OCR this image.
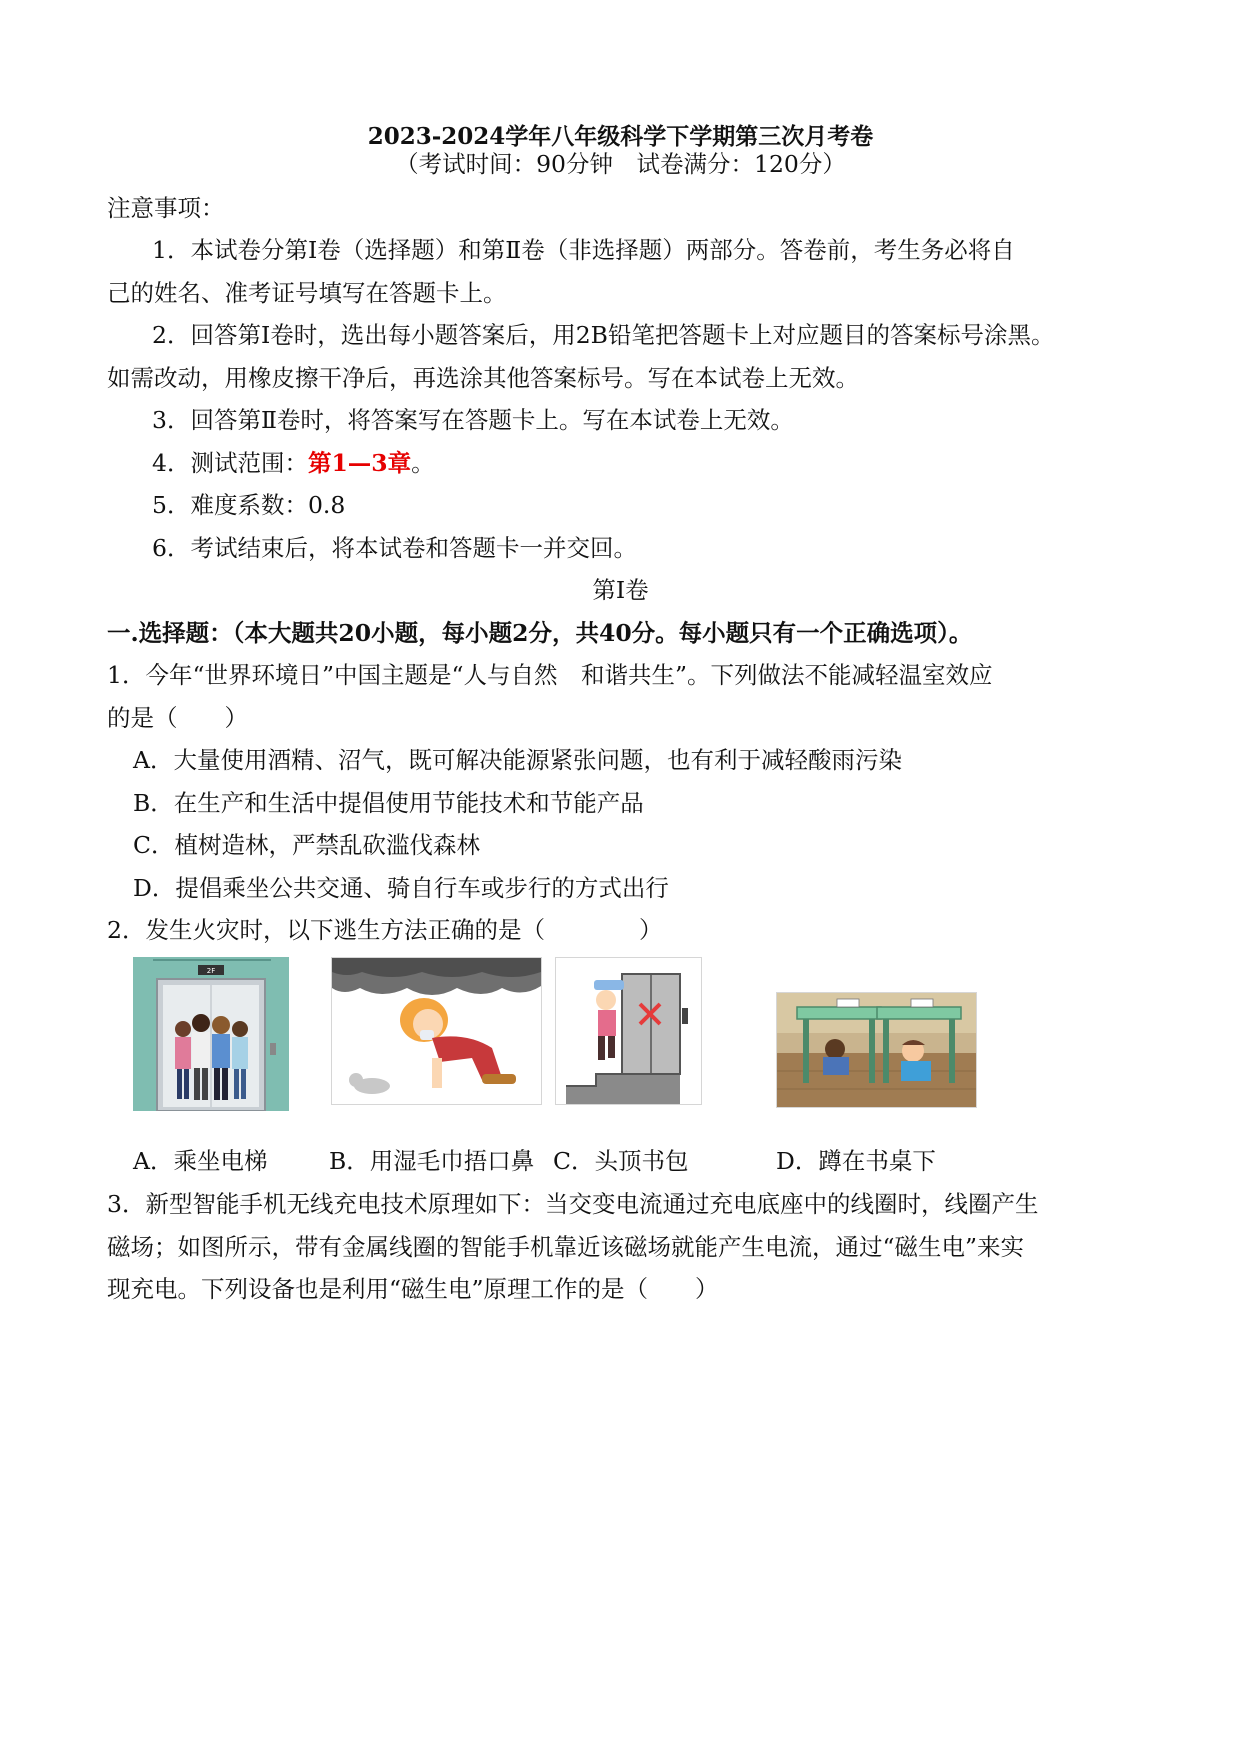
2023-2024学年八年级科学下学期第三次月考卷
（考试时间：90分钟　试卷满分：120分）
注意事项：
1．本试卷分第Ⅰ卷（选择题）和第Ⅱ卷（非选择题）两部分。答卷前，考生务必将自
己的姓名、准考证号填写在答题卡上。
2．回答第Ⅰ卷时，选出每小题答案后，用2B铅笔把答题卡上对应题目的答案标号涂黑。
如需改动，用橡皮擦干净后，再选涂其他答案标号。写在本试卷上无效。
3．回答第Ⅱ卷时，将答案写在答题卡上。写在本试卷上无效。
4．测试范围：第1—3章。
5．难度系数：0.8
6．考试结束后，将本试卷和答题卡一并交回。
第Ⅰ卷
一.选择题：（本大题共20小题，每小题2分，共40分。每小题只有一个正确选项）。
1．今年“世界环境日”中国主题是“人与自然　和谐共生”。下列做法不能减轻温室效应
的是（　　）
A．大量使用酒精、沼气，既可解决能源紧张问题，也有利于减轻酸雨污染
B．在生产和生活中提倡使用节能技术和节能产品
C．植树造林，严禁乱砍滥伐森林
D．提倡乘坐公共交通、骑自行车或步行的方式出行
2．发生火灾时，以下逃生方法正确的是（　　　　）
2F
A．乘坐电梯	B．用湿毛巾捂口鼻 C．头顶书包	D．蹲在书桌下
3．新型智能手机无线充电技术原理如下：当交变电流通过充电底座中的线圈时，线圈产生
磁场；如图所示，带有金属线圈的智能手机靠近该磁场就能产生电流，通过“磁生电”来实
现充电。下列设备也是利用“磁生电”原理工作的是（　　）
